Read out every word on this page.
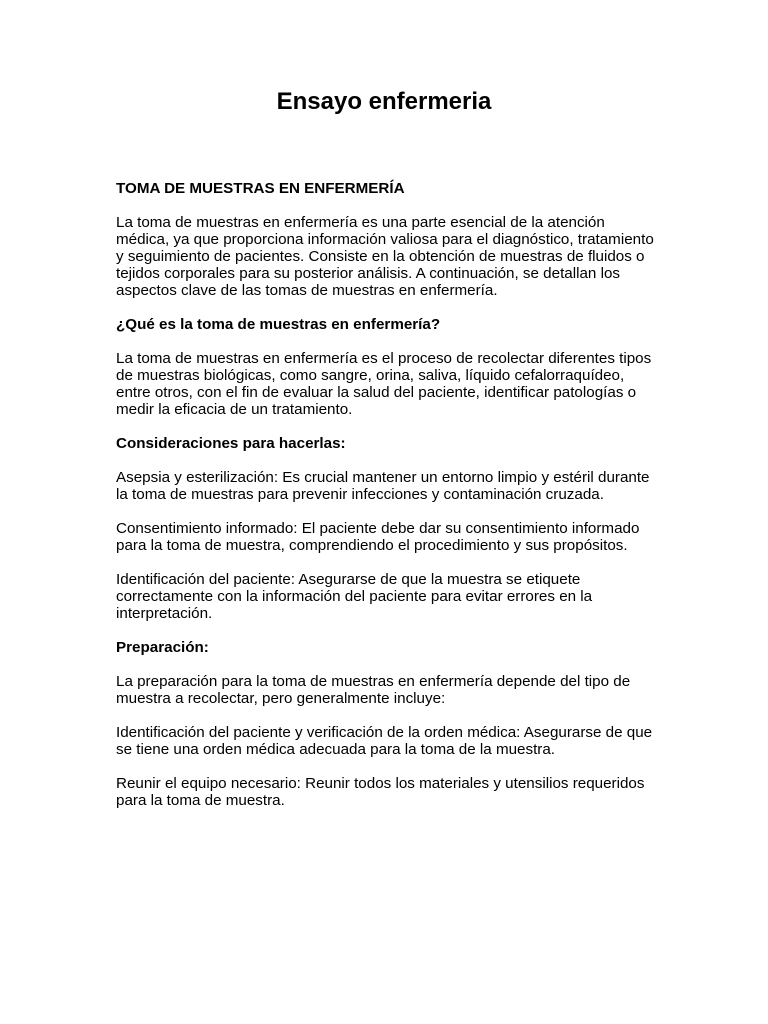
Ensayo enfermeria

TOMA DE MUESTRAS EN ENFERMERÍA

La toma de muestras en enfermería es una parte esencial de la atención médica, ya que proporciona información valiosa para el diagnóstico, tratamiento y seguimiento de pacientes. Consiste en la obtención de muestras de fluidos o tejidos corporales para su posterior análisis. A continuación, se detallan los aspectos clave de las tomas de muestras en enfermería.

¿Qué es la toma de muestras en enfermería?

La toma de muestras en enfermería es el proceso de recolectar diferentes tipos de muestras biológicas, como sangre, orina, saliva, líquido cefalorraquídeo, entre otros, con el fin de evaluar la salud del paciente, identificar patologías o medir la eficacia de un tratamiento.

Consideraciones para hacerlas:

Asepsia y esterilización: Es crucial mantener un entorno limpio y estéril durante la toma de muestras para prevenir infecciones y contaminación cruzada.

Consentimiento informado: El paciente debe dar su consentimiento informado para la toma de muestra, comprendiendo el procedimiento y sus propósitos.

Identificación del paciente: Asegurarse de que la muestra se etiquete correctamente con la información del paciente para evitar errores en la interpretación.

Preparación:

La preparación para la toma de muestras en enfermería depende del tipo de muestra a recolectar, pero generalmente incluye:

Identificación del paciente y verificación de la orden médica: Asegurarse de que se tiene una orden médica adecuada para la toma de la muestra.

Reunir el equipo necesario: Reunir todos los materiales y utensilios requeridos para la toma de muestra.
